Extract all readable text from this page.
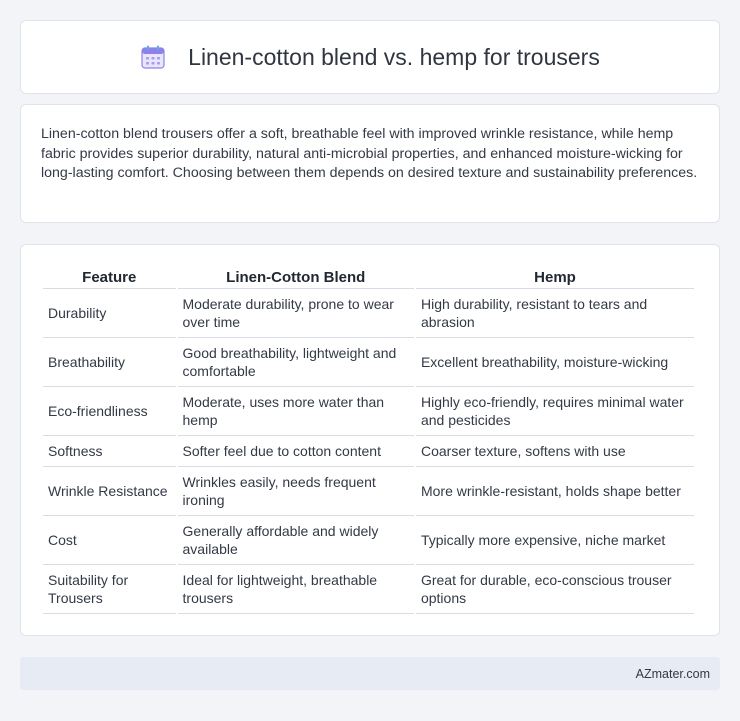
Linen-cotton blend vs. hemp for trousers

Linen-cotton blend trousers offer a soft, breathable feel with improved wrinkle resistance, while hemp fabric provides superior durability, natural anti-microbial properties, and enhanced moisture-wicking for long-lasting comfort. Choosing between them depends on desired texture and sustainability preferences.

Feature	Linen-Cotton Blend	Hemp
Durability	Moderate durability, prone to wear over time	High durability, resistant to tears and abrasion
Breathability	Good breathability, lightweight and comfortable	Excellent breathability, moisture-wicking
Eco-friendliness	Moderate, uses more water than hemp	Highly eco-friendly, requires minimal water and pesticides
Softness	Softer feel due to cotton content	Coarser texture, softens with use
Wrinkle Resistance	Wrinkles easily, needs frequent ironing	More wrinkle-resistant, holds shape better
Cost	Generally affordable and widely available	Typically more expensive, niche market
Suitability for Trousers	Ideal for lightweight, breathable trousers	Great for durable, eco-conscious trouser options
AZmater.com
